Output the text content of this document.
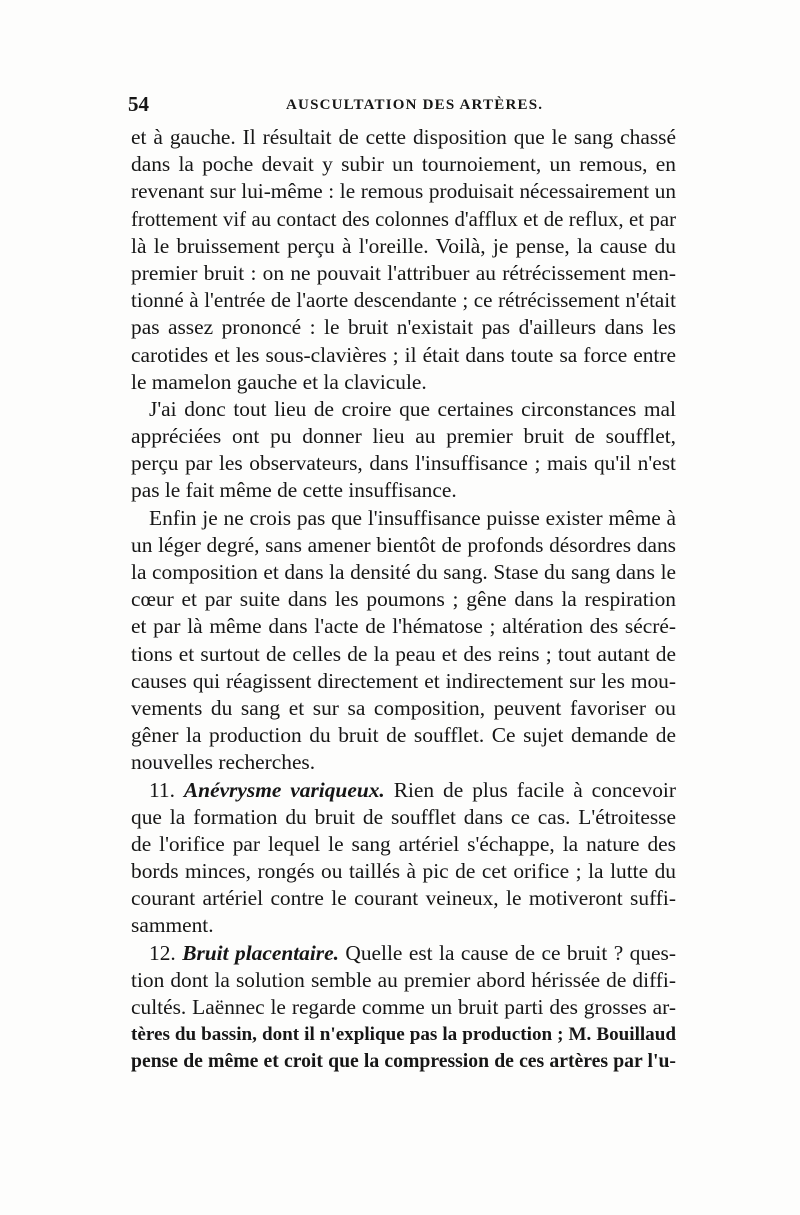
54	AUSCULTATION DES ARTÈRES.
et à gauche. Il résultait de cette disposition que le sang chassé
dans la poche devait y subir un tournoiement, un remous, en
revenant sur lui-même : le remous produisait nécessairement un
frottement vif au contact des colonnes d'afflux et de reflux, et par
là le bruissement perçu à l'oreille. Voilà, je pense, la cause du
premier bruit : on ne pouvait l'attribuer au rétrécissement men-
tionné à l'entrée de l'aorte descendante ; ce rétrécissement n'était
pas assez prononcé : le bruit n'existait pas d'ailleurs dans les
carotides et les sous-clavières ; il était dans toute sa force entre
le mamelon gauche et la clavicule.
J'ai donc tout lieu de croire que certaines circonstances mal
appréciées ont pu donner lieu au premier bruit de soufflet,
perçu par les observateurs, dans l'insuffisance ; mais qu'il n'est
pas le fait même de cette insuffisance.
Enfin je ne crois pas que l'insuffisance puisse exister même à
un léger degré, sans amener bientôt de profonds désordres dans
la composition et dans la densité du sang. Stase du sang dans le
cœur et par suite dans les poumons ; gêne dans la respiration
et par là même dans l'acte de l'hématose ; altération des sécré-
tions et surtout de celles de la peau et des reins ; tout autant de
causes qui réagissent directement et indirectement sur les mou-
vements du sang et sur sa composition, peuvent favoriser ou
gêner la production du bruit de soufflet. Ce sujet demande de
nouvelles recherches.
11. Anévrysme variqueux. Rien de plus facile à concevoir
que la formation du bruit de soufflet dans ce cas. L'étroitesse
de l'orifice par lequel le sang artériel s'échappe, la nature des
bords minces, rongés ou taillés à pic de cet orifice ; la lutte du
courant artériel contre le courant veineux, le motiveront suffi-
samment.
12. Bruit placentaire. Quelle est la cause de ce bruit ? ques-
tion dont la solution semble au premier abord hérissée de diffi-
cultés. Laënnec le regarde comme un bruit parti des grosses ar-
tères du bassin, dont il n'explique pas la production ; M. Bouillaud
pense de même et croit que la compression de ces artères par l'u-
